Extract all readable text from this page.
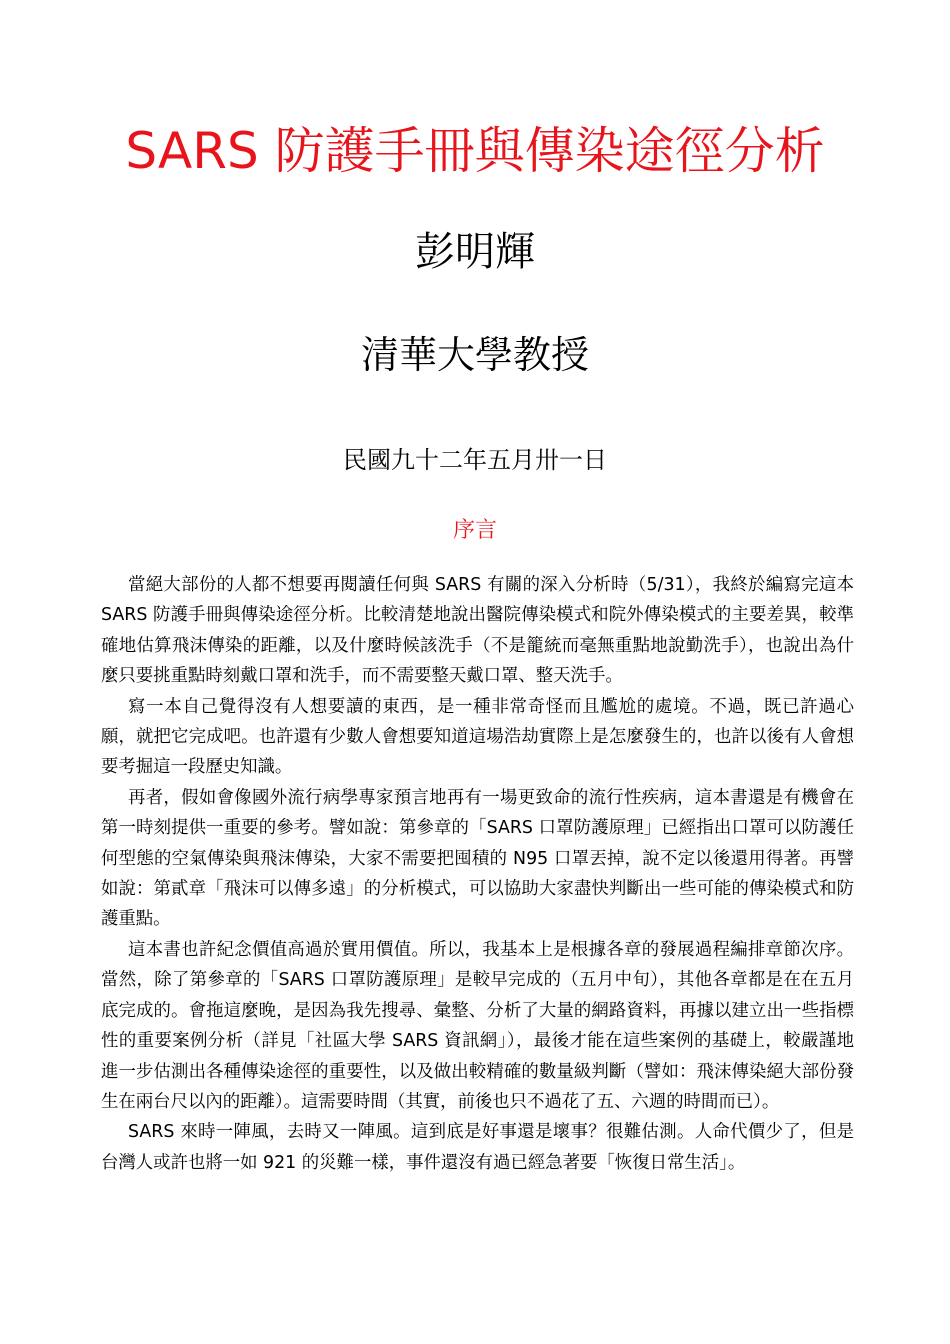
SARS 防護手冊與傳染途徑分析
彭明輝
清華大學教授
民國九十二年五月卅一日
序言

當絕大部份的人都不想要再閱讀任何與 SARS 有關的深入分析時（5/31），我終於編寫完這本 SARS 防護手冊與傳染途徑分析。比較清楚地說出醫院傳染模式和院外傳染模式的主要差異，較準確地估算飛沫傳染的距離，以及什麼時候該洗手（不是籠統而毫無重點地說勤洗手），也說出為什麼只要挑重點時刻戴口罩和洗手，而不需要整天戴口罩、整天洗手。

寫一本自己覺得沒有人想要讀的東西，是一種非常奇怪而且尷尬的處境。不過，既已許過心願，就把它完成吧。也許還有少數人會想要知道這場浩劫實際上是怎麼發生的，也許以後有人會想要考掘這一段歷史知識。

再者，假如會像國外流行病學專家預言地再有一場更致命的流行性疾病，這本書還是有機會在第一時刻提供一重要的參考。譬如說：第參章的「SARS 口罩防護原理」已經指出口罩可以防護任何型態的空氣傳染與飛沫傳染，大家不需要把囤積的 N95 口罩丟掉，說不定以後還用得著。再譬如說：第貳章「飛沫可以傳多遠」的分析模式，可以協助大家盡快判斷出一些可能的傳染模式和防護重點。

這本書也許紀念價值高過於實用價值。所以，我基本上是根據各章的發展過程編排章節次序。當然，除了第參章的「SARS 口罩防護原理」是較早完成的（五月中旬），其他各章都是在在五月底完成的。會拖這麼晚，是因為我先搜尋、彙整、分析了大量的網路資料，再據以建立出一些指標性的重要案例分析（詳見「社區大學 SARS 資訊網」），最後才能在這些案例的基礎上，較嚴謹地進一步估測出各種傳染途徑的重要性，以及做出較精確的數量級判斷（譬如：飛沫傳染絕大部份發生在兩台尺以內的距離）。這需要時間（其實，前後也只不過花了五、六週的時間而已）。

SARS 來時一陣風，去時又一陣風。這到底是好事還是壞事？很難估測。人命代價少了，但是台灣人或許也將一如 921 的災難一樣，事件還沒有過已經急著要「恢復日常生活」。
